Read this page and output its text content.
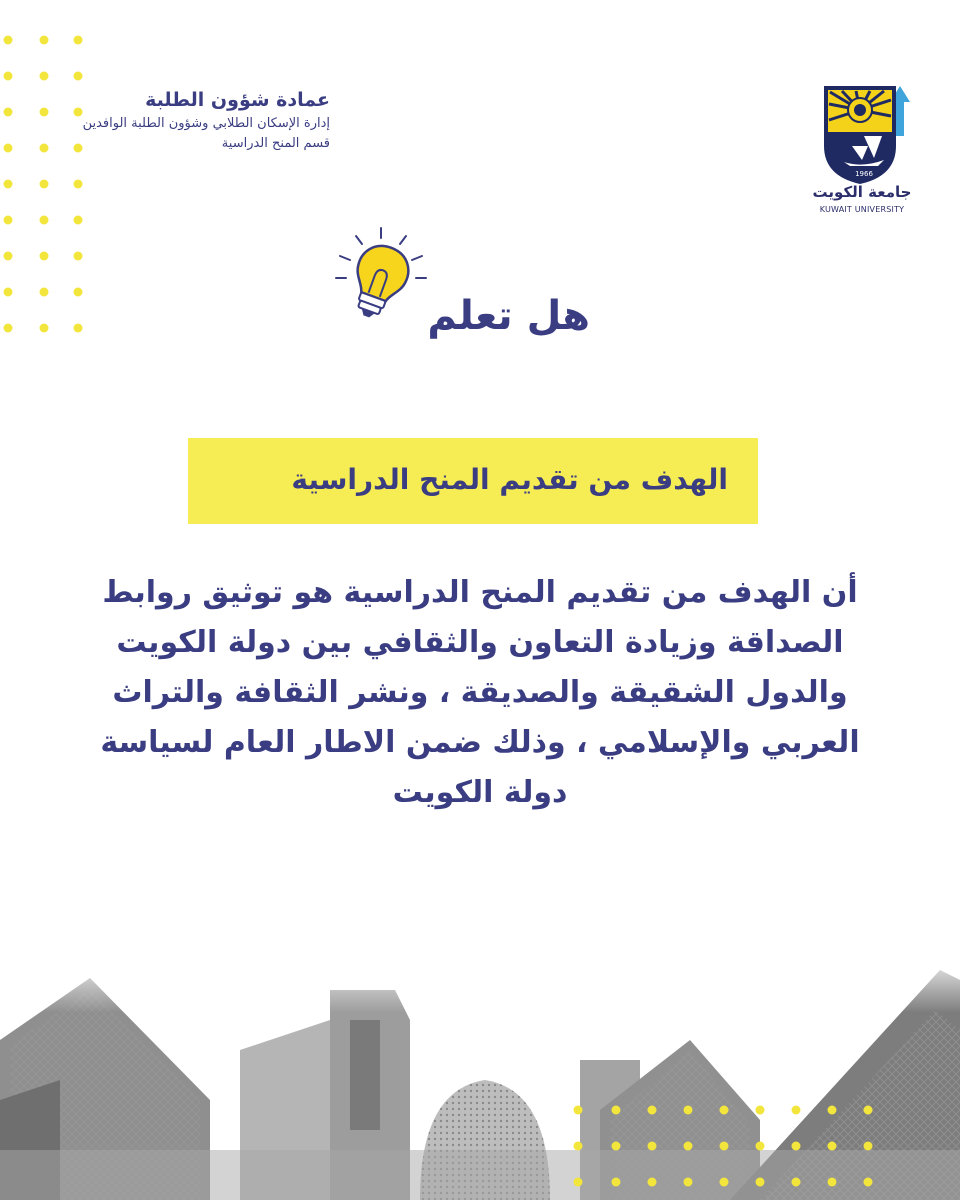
عمادة شؤون الطلبة

إدارة الإسكان الطلابي وشؤون الطلبة الوافدين

قسم المنح الدراسية

1966
جامعة الكويت
KUWAIT UNIVERSITY
هل تعلم
الهدف من تقديم المنح الدراسية
أن الهدف من تقديم المنح الدراسية هو توثيق روابط الصداقة وزيادة التعاون والثقافي بين دولة الكويت والدول الشقيقة والصديقة ، ونشر الثقافة والتراث العربي والإسلامي ، وذلك ضمن الاطار العام لسياسة دولة الكويت
